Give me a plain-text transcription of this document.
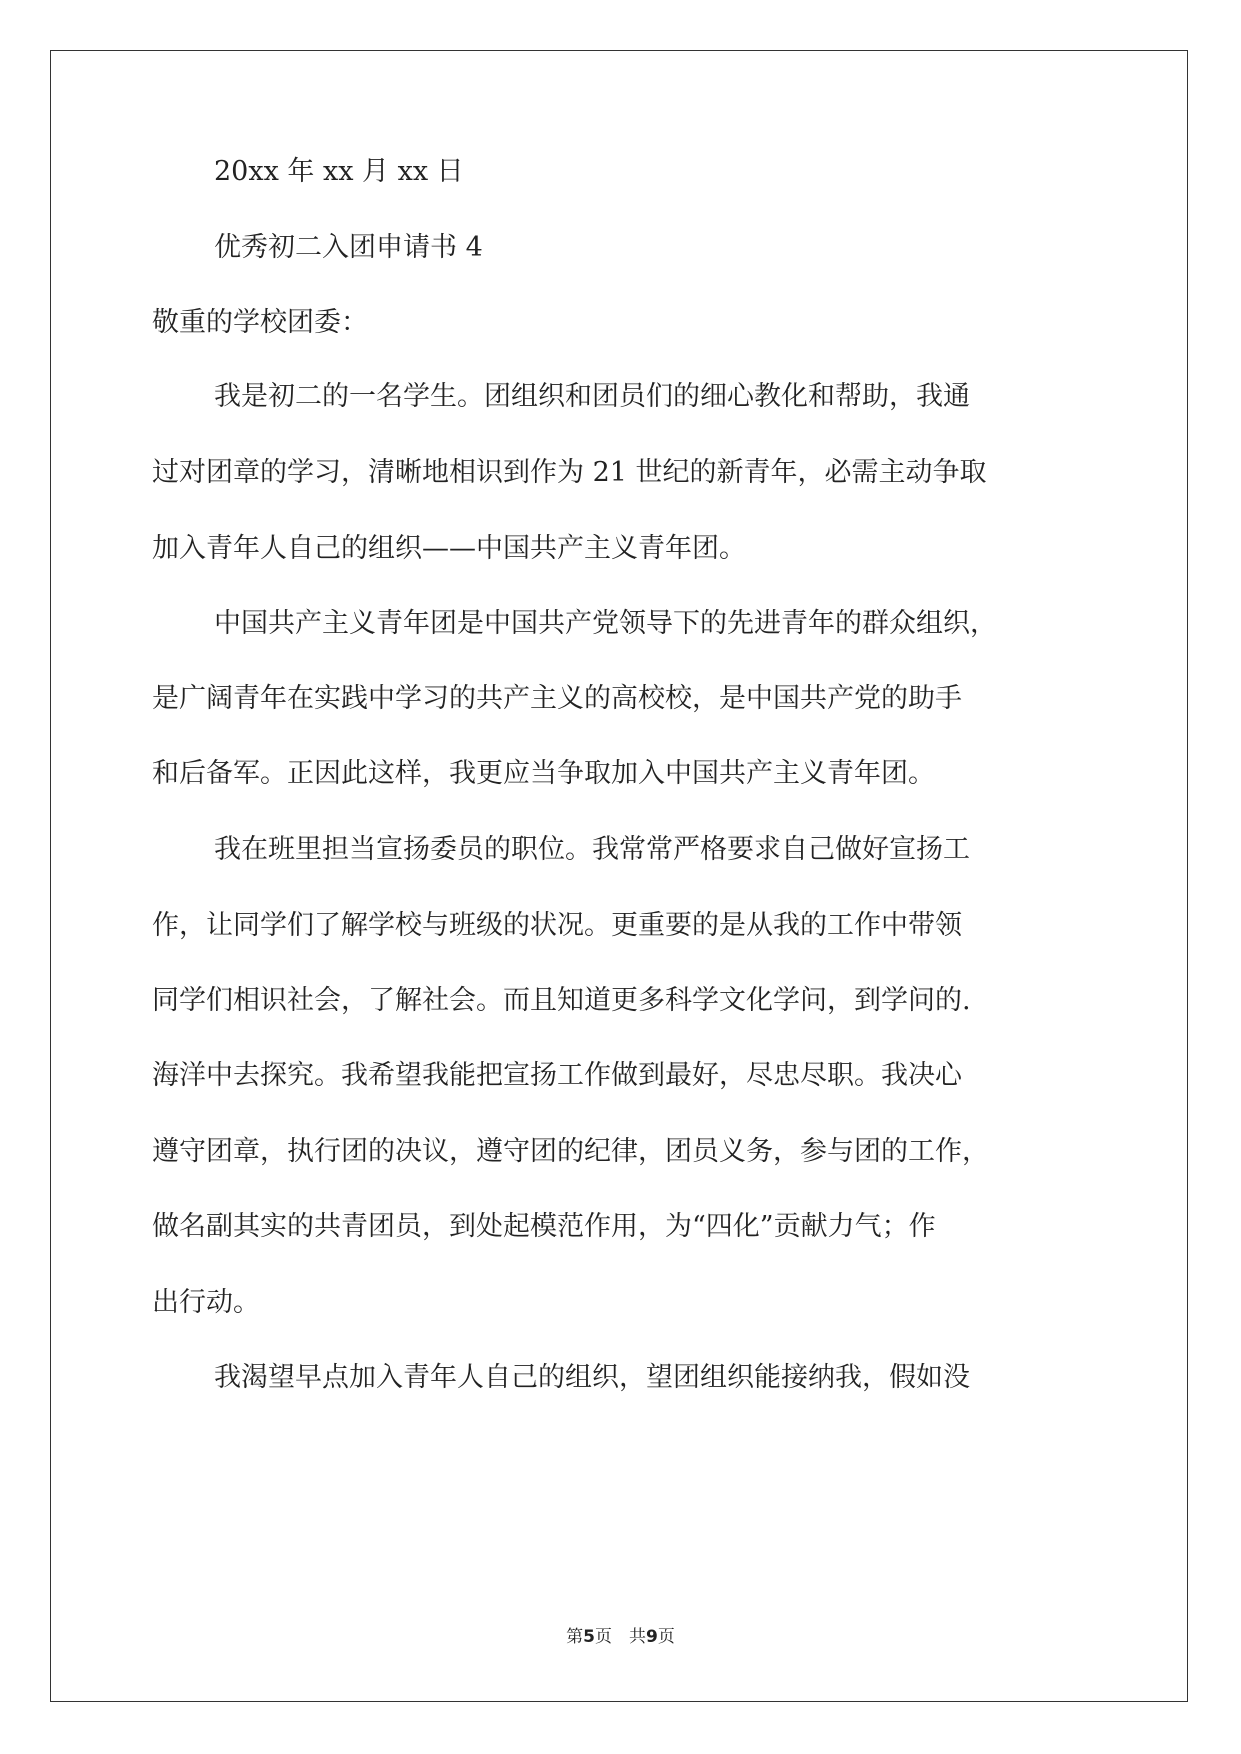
20xx 年 xx 月 xx 日
优秀初二入团申请书 4
敬重的学校团委：
我是初二的一名学生。团组织和团员们的细心教化和帮助，我通
过对团章的学习，清晰地相识到作为 21 世纪的新青年，必需主动争取
加入青年人自己的组织——中国共产主义青年团。
中国共产主义青年团是中国共产党领导下的先进青年的群众组织，
是广阔青年在实践中学习的共产主义的高校校，是中国共产党的助手
和后备军。正因此这样，我更应当争取加入中国共产主义青年团。
我在班里担当宣扬委员的职位。我常常严格要求自己做好宣扬工
作，让同学们了解学校与班级的状况。更重要的是从我的工作中带领
同学们相识社会，了解社会。而且知道更多科学文化学问，到学问的.
海洋中去探究。我希望我能把宣扬工作做到最好，尽忠尽职。我决心
遵守团章，执行团的决议，遵守团的纪律，团员义务，参与团的工作，
做名副其实的共青团员，到处起模范作用，为“四化”贡献力气；作
出行动。
我渴望早点加入青年人自己的组织，望团组织能接纳我，假如没
第5页　共9页
